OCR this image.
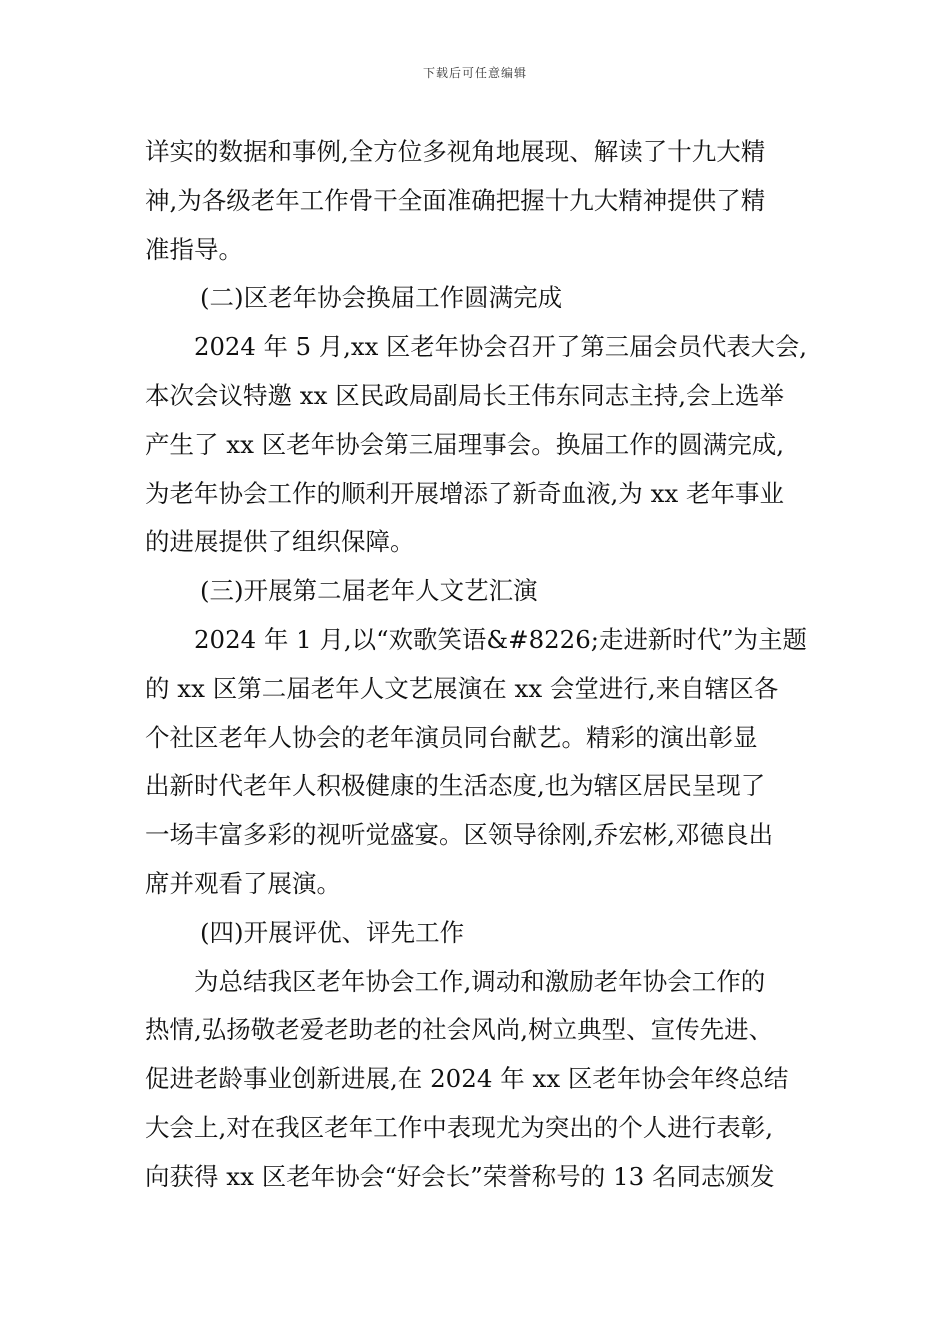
下载后可任意编辑
详实的数据和事例,全方位多视角地展现、解读了十九大精
神,为各级老年工作骨干全面准确把握十九大精神提供了精
准指导。
(二)区老年协会换届工作圆满完成
2024 年 5 月,xx 区老年协会召开了第三届会员代表大会,
本次会议特邀 xx 区民政局副局长王伟东同志主持,会上选举
产生了 xx 区老年协会第三届理事会。换届工作的圆满完成,
为老年协会工作的顺利开展增添了新奇血液,为 xx 老年事业
的进展提供了组织保障。
(三)开展第二届老年人文艺汇演
2024 年 1 月,以“欢歌笑语&#8226;走进新时代”为主题
的 xx 区第二届老年人文艺展演在 xx 会堂进行,来自辖区各
个社区老年人协会的老年演员同台献艺。精彩的演出彰显
出新时代老年人积极健康的生活态度,也为辖区居民呈现了
一场丰富多彩的视听觉盛宴。区领导徐刚,乔宏彬,邓德良出
席并观看了展演。
(四)开展评优、评先工作
为总结我区老年协会工作,调动和激励老年协会工作的
热情,弘扬敬老爱老助老的社会风尚,树立典型、宣传先进、
促进老龄事业创新进展,在 2024 年 xx 区老年协会年终总结
大会上,对在我区老年工作中表现尤为突出的个人进行表彰,
向获得 xx 区老年协会“好会长”荣誉称号的 13 名同志颁发
